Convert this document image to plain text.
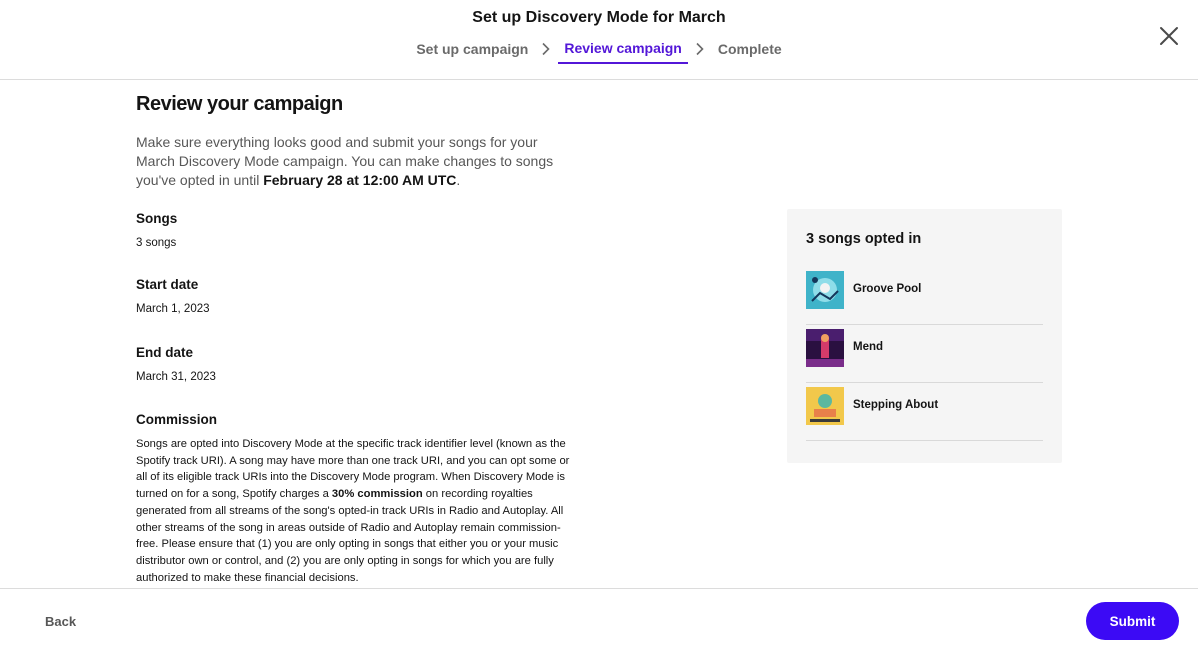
Set up Discovery Mode for March
Set up campaign	Review campaign	Complete
Review your campaign

Make sure everything looks good and submit your songs for your March Discovery Mode campaign. You can make changes to songs you've opted in until February 28 at 12:00 AM UTC.

Songs
3 songs
Start date
March 1, 2023
End date
March 31, 2023
Commission

Songs are opted into Discovery Mode at the specific track identifier level (known as the Spotify track URI). A song may have more than one track URI, and you can opt some or all of its eligible track URIs into the Discovery Mode program. When Discovery Mode is turned on for a song, Spotify charges a 30% commission on recording royalties generated from all streams of the song's opted-in track URIs in Radio and Autoplay. All other streams of the song in areas outside of Radio and Autoplay remain commission-free. Please ensure that (1) you are only opting in songs that either you or your music distributor own or control, and (2) you are only opting in songs for which you are fully authorized to make these financial decisions.

3 songs opted in
Groove Pool
Mend
Stepping About
Back	Submit
